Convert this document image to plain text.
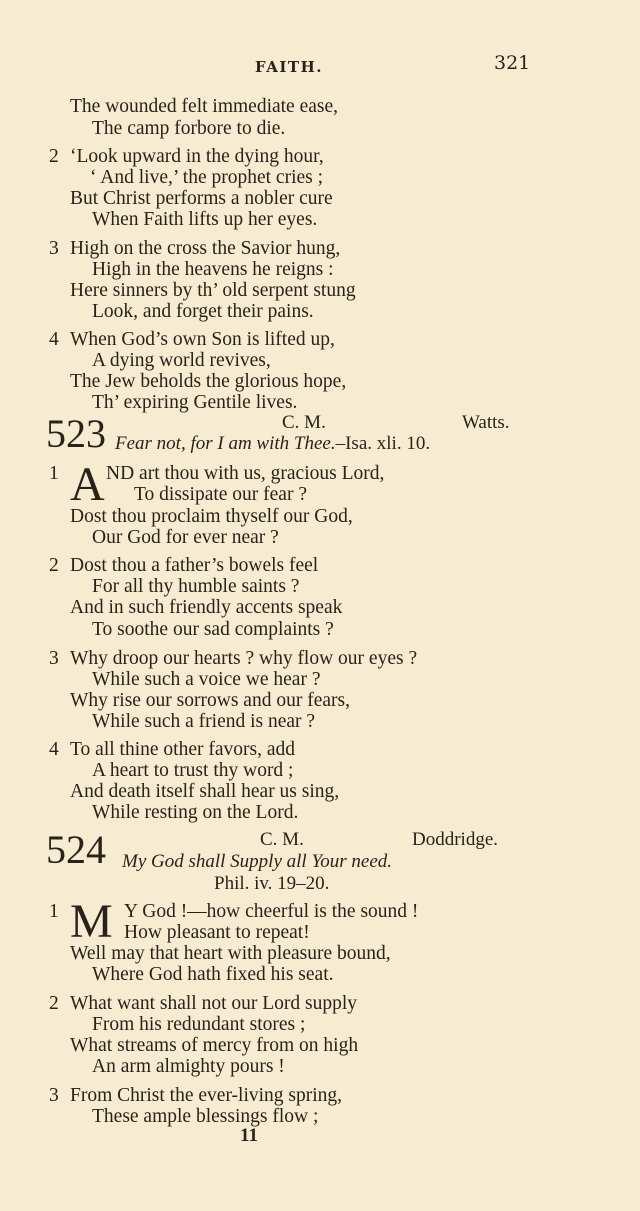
FAITH.	321
The wounded felt immediate ease,
The camp forbore to die.
2 ‘Look upward in the dying hour,
‘ And live,’ the prophet cries ;
But Christ performs a nobler cure
When Faith lifts up her eyes.
3 High on the cross the Savior hung,
High in the heavens he reigns :
Here sinners by th’ old serpent stung
Look, and forget their pains.
4 When God’s own Son is lifted up,
A dying world revives,
The Jew beholds the glorious hope,
Th’ expiring Gentile lives.
523	C. M.	Watts.
Fear not, for I am with Thee.–Isa. xli. 10.
1 A ND art thou with us, gracious Lord,
To dissipate our fear ?
Dost thou proclaim thyself our God,
Our God for ever near ?
2 Dost thou a father’s bowels feel
For all thy humble saints ?
And in such friendly accents speak
To soothe our sad complaints ?
3 Why droop our hearts ? why flow our eyes ?
While such a voice we hear ?
Why rise our sorrows and our fears,
While such a friend is near ?
4 To all thine other favors, add
A heart to trust thy word ;
And death itself shall hear us sing,
While resting on the Lord.
524	C. M.	Doddridge.
My God shall Supply all Your need.
Phil. iv. 19–20.
1 M Y God !—how cheerful is the sound !
How pleasant to repeat!
Well may that heart with pleasure bound,
Where God hath fixed his seat.
2 What want shall not our Lord supply
From his redundant stores ;
What streams of mercy from on high
An arm almighty pours !
3 From Christ the ever-living spring,
These ample blessings flow ;
11
